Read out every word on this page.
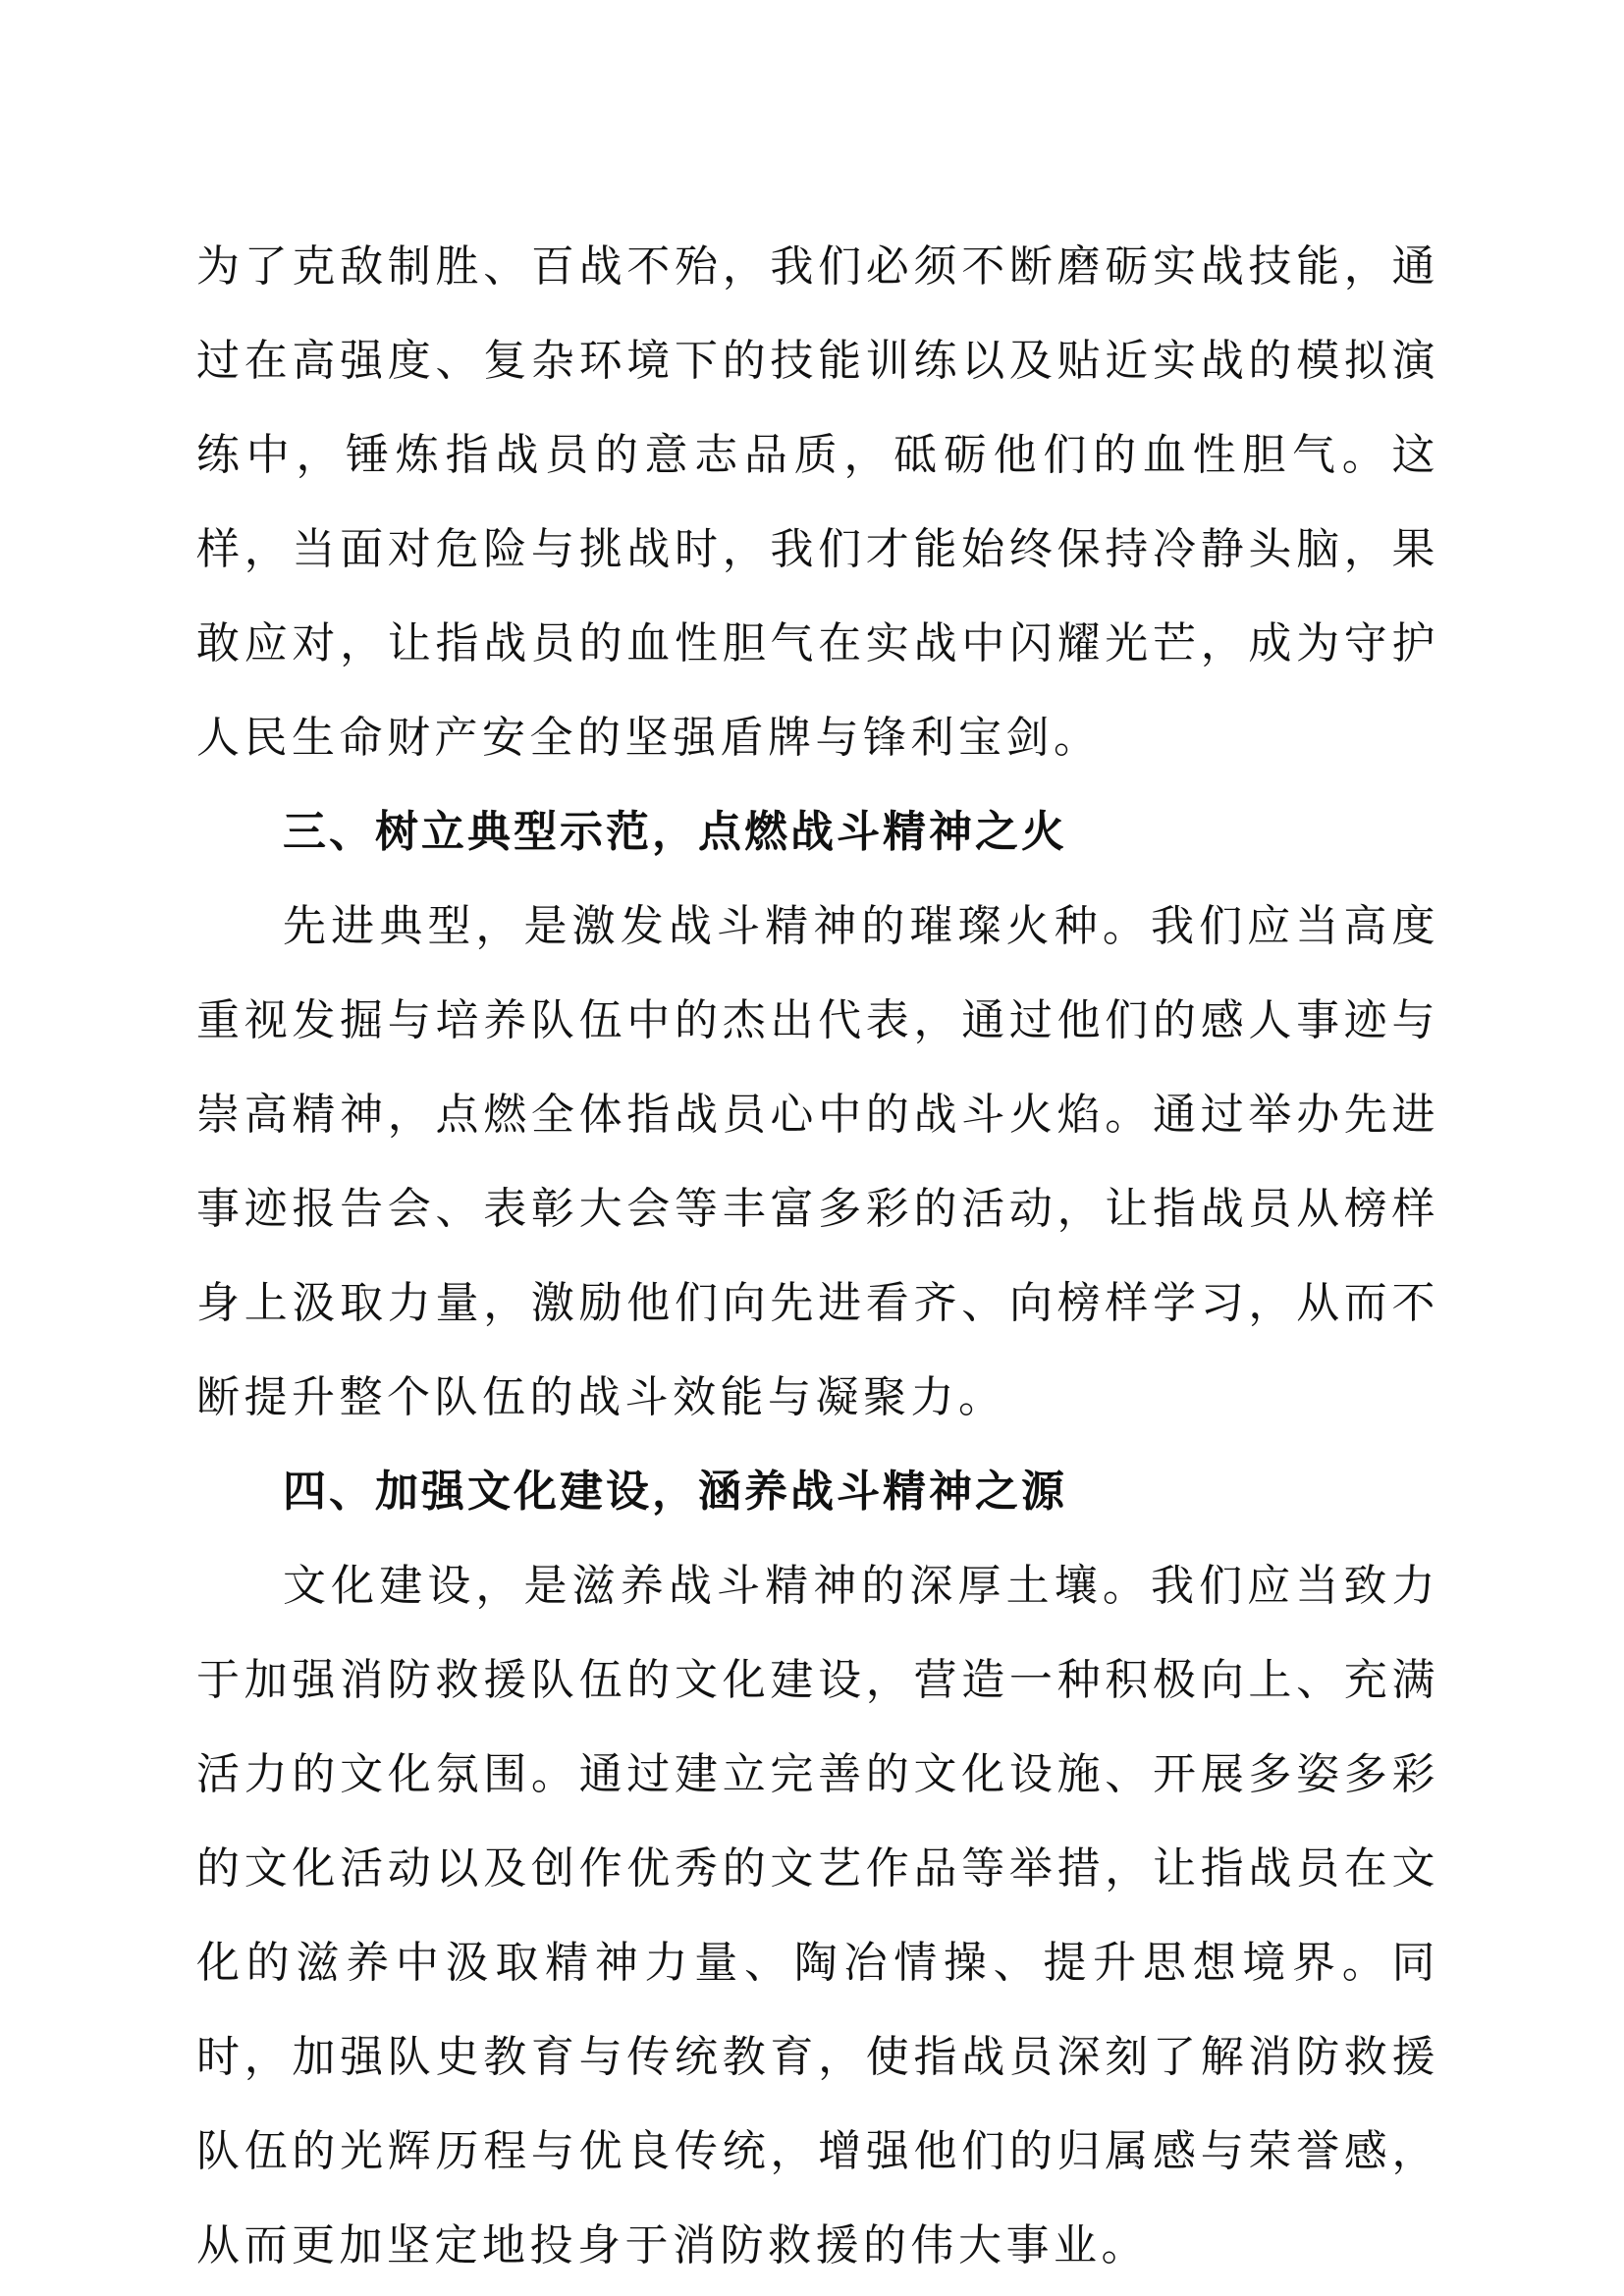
为了克敌制胜、百战不殆，我们必须不断磨砺实战技能，通过在高强度、复杂环境下的技能训练以及贴近实战的模拟演练中，锤炼指战员的意志品质，砥砺他们的血性胆气。这样，当面对危险与挑战时，我们才能始终保持冷静头脑，果敢应对，让指战员的血性胆气在实战中闪耀光芒，成为守护人民生命财产安全的坚强盾牌与锋利宝剑。

三、树立典型示范，点燃战斗精神之火

先进典型，是激发战斗精神的璀璨火种。我们应当高度重视发掘与培养队伍中的杰出代表，通过他们的感人事迹与崇高精神，点燃全体指战员心中的战斗火焰。通过举办先进事迹报告会、表彰大会等丰富多彩的活动，让指战员从榜样身上汲取力量，激励他们向先进看齐、向榜样学习，从而不断提升整个队伍的战斗效能与凝聚力。

四、加强文化建设，涵养战斗精神之源

文化建设，是滋养战斗精神的深厚土壤。我们应当致力于加强消防救援队伍的文化建设，营造一种积极向上、充满活力的文化氛围。通过建立完善的文化设施、开展多姿多彩的文化活动以及创作优秀的文艺作品等举措，让指战员在文化的滋养中汲取精神力量、陶冶情操、提升思想境界。同时，加强队史教育与传统教育，使指战员深刻了解消防救援队伍的光辉历程与优良传统，增强他们的归属感与荣誉感，从而更加坚定地投身于消防救援的伟大事业。
